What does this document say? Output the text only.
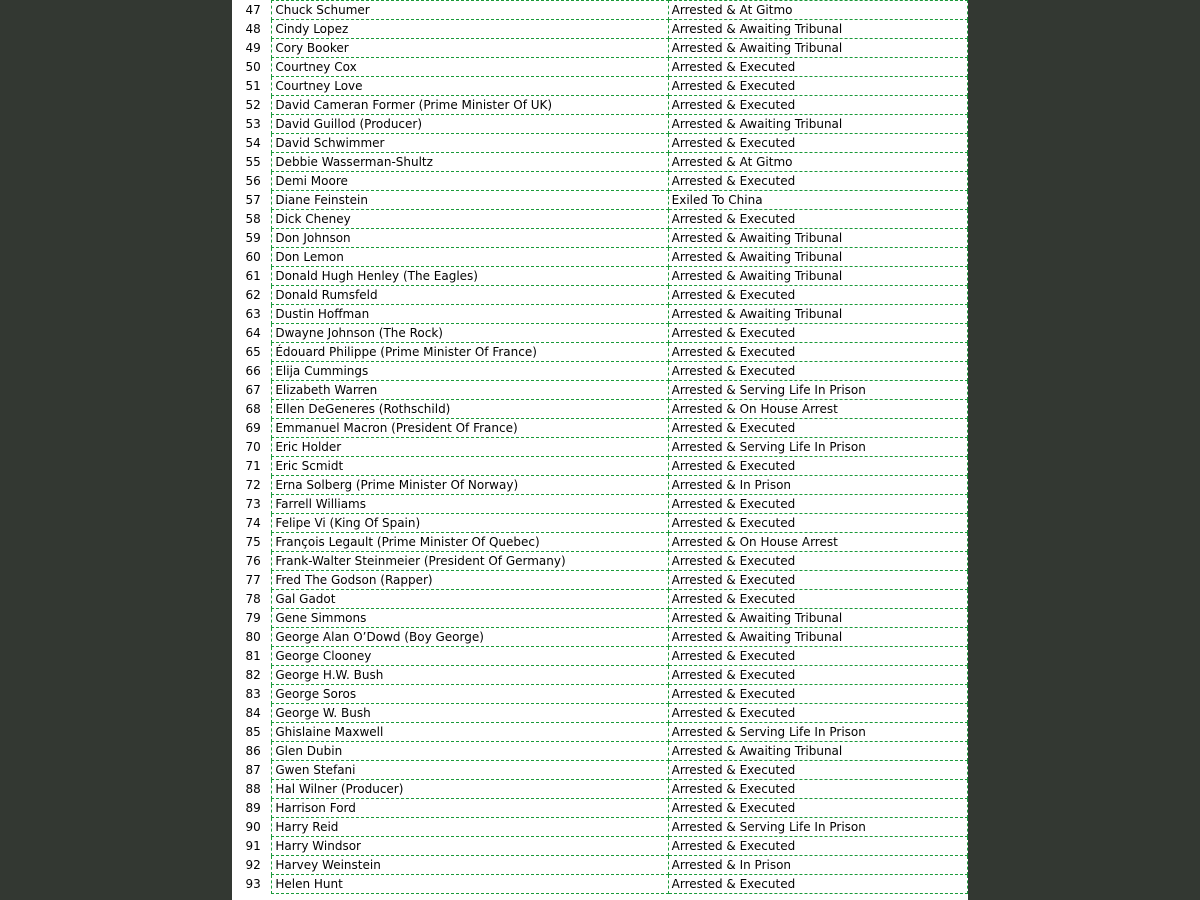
47	Chuck Schumer	Arrested & At Gitmo
48	Cindy Lopez	Arrested & Awaiting Tribunal
49	Cory Booker	Arrested & Awaiting Tribunal
50	Courtney Cox	Arrested & Executed
51	Courtney Love	Arrested & Executed
52	David Cameran Former (Prime Minister Of UK)	Arrested & Executed
53	David Guillod (Producer)	Arrested & Awaiting Tribunal
54	David Schwimmer	Arrested & Executed
55	Debbie Wasserman-Shultz	Arrested & At Gitmo
56	Demi Moore	Arrested & Executed
57	Diane Feinstein	Exiled To China
58	Dick Cheney	Arrested & Executed
59	Don Johnson	Arrested & Awaiting Tribunal
60	Don Lemon	Arrested & Awaiting Tribunal
61	Donald Hugh Henley (The Eagles)	Arrested & Awaiting Tribunal
62	Donald Rumsfeld	Arrested & Executed
63	Dustin Hoffman	Arrested & Awaiting Tribunal
64	Dwayne Johnson (The Rock)	Arrested & Executed
65	Édouard Philippe (Prime Minister Of France)	Arrested & Executed
66	Elija Cummings	Arrested & Executed
67	Elizabeth Warren	Arrested & Serving Life In Prison
68	Ellen DeGeneres (Rothschild)	Arrested & On House Arrest
69	Emmanuel Macron (President Of France)	Arrested & Executed
70	Eric Holder	Arrested & Serving Life In Prison
71	Eric Scmidt	Arrested & Executed
72	Erna Solberg (Prime Minister Of Norway)	Arrested & In Prison
73	Farrell Williams	Arrested & Executed
74	Felipe Vi (King Of Spain)	Arrested & Executed
75	François Legault (Prime Minister Of Quebec)	Arrested & On House Arrest
76	Frank-Walter Steinmeier (President Of Germany)	Arrested & Executed
77	Fred The Godson (Rapper)	Arrested & Executed
78	Gal Gadot	Arrested & Executed
79	Gene Simmons	Arrested & Awaiting Tribunal
80	George Alan O’Dowd (Boy George)	Arrested & Awaiting Tribunal
81	George Clooney	Arrested & Executed
82	George H.W. Bush	Arrested & Executed
83	George Soros	Arrested & Executed
84	George W. Bush	Arrested & Executed
85	Ghislaine Maxwell	Arrested & Serving Life In Prison
86	Glen Dubin	Arrested & Awaiting Tribunal
87	Gwen Stefani	Arrested & Executed
88	Hal Wilner (Producer)	Arrested & Executed
89	Harrison Ford	Arrested & Executed
90	Harry Reid	Arrested & Serving Life In Prison
91	Harry Windsor	Arrested & Executed
92	Harvey Weinstein	Arrested & In Prison
93	Helen Hunt	Arrested & Executed
